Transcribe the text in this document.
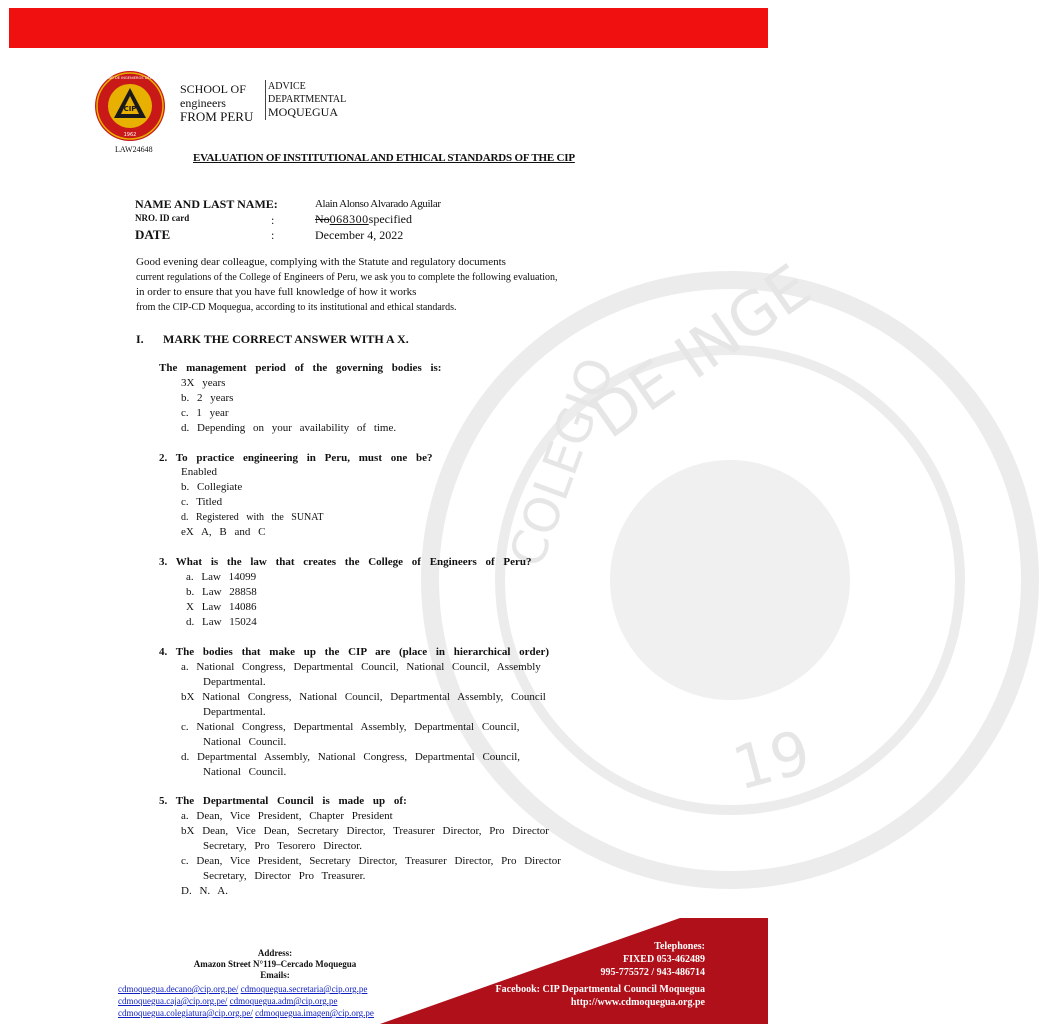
DE INGE
COLEGIO
19
CIP
1962
COLEGIO DE INGENIEROS DEL PERU
SCHOOL OF
engineers
FROM PERU
ADVICE
DEPARTMENTAL
MOQUEGUA
LAW24648
EVALUATION OF INSTITUTIONAL AND ETHICAL STANDARDS OF THE CIP
NAME AND LAST NAME:	Alain Alonso Alvarado Aguilar
NRO. ID card	:	No068300specified
DATE	:	December 4, 2022
Good evening dear colleague, complying with the Statute and regulatory documents
current regulations of the College of Engineers of Peru, we ask you to complete the following evaluation,
in order to ensure that you have full knowledge of how it works
from the CIP-CD Moquegua, according to its institutional and ethical standards.
I. MARK THE CORRECT ANSWER WITH A X.
The management period of the governing bodies is:
3X years
b. 2 years
c. 1 year
d. Depending on your availability of time.
2. To practice engineering in Peru, must one be?
Enabled
b. Collegiate
c. Titled
d. Registered with the SUNAT
eX A, B and C
3. What is the law that creates the College of Engineers of Peru?
a. Law 14099
b. Law 28858
X Law 14086
d. Law 15024
4. The bodies that make up the CIP are (place in hierarchical order)
a. National Congress, Departmental Council, National Council, Assembly
Departmental.
bX National Congress, National Council, Departmental Assembly, Council
Departmental.
c. National Congress, Departmental Assembly, Departmental Council,
National Council.
d. Departmental Assembly, National Congress, Departmental Council,
National Council.
5. The Departmental Council is made up of:
a. Dean, Vice President, Chapter President
bX Dean, Vice Dean, Secretary Director, Treasurer Director, Pro Director
Secretary, Pro Tesorero Director.
c. Dean, Vice President, Secretary Director, Treasurer Director, Pro Director
Secretary, Director Pro Treasurer.
D. N. A.
Address:
Amazon Street N°119–Cercado Moquegua
Emails:
cdmoquegua.decano@cip.org.pe/ cdmoquegua.secretaria@cip.org.pe
cdmoquegua.caja@cip.org.pe/ cdmoquegua.adm@cip.org.pe
cdmoquegua.colegiatura@cip.org.pe/ cdmoquegua.imagen@cip.org.pe
Telephones:
FIXED 053-462489
995-775572 / 943-486714
Facebook: CIP Departmental Council Moquegua
http://www.cdmoquegua.org.pe
